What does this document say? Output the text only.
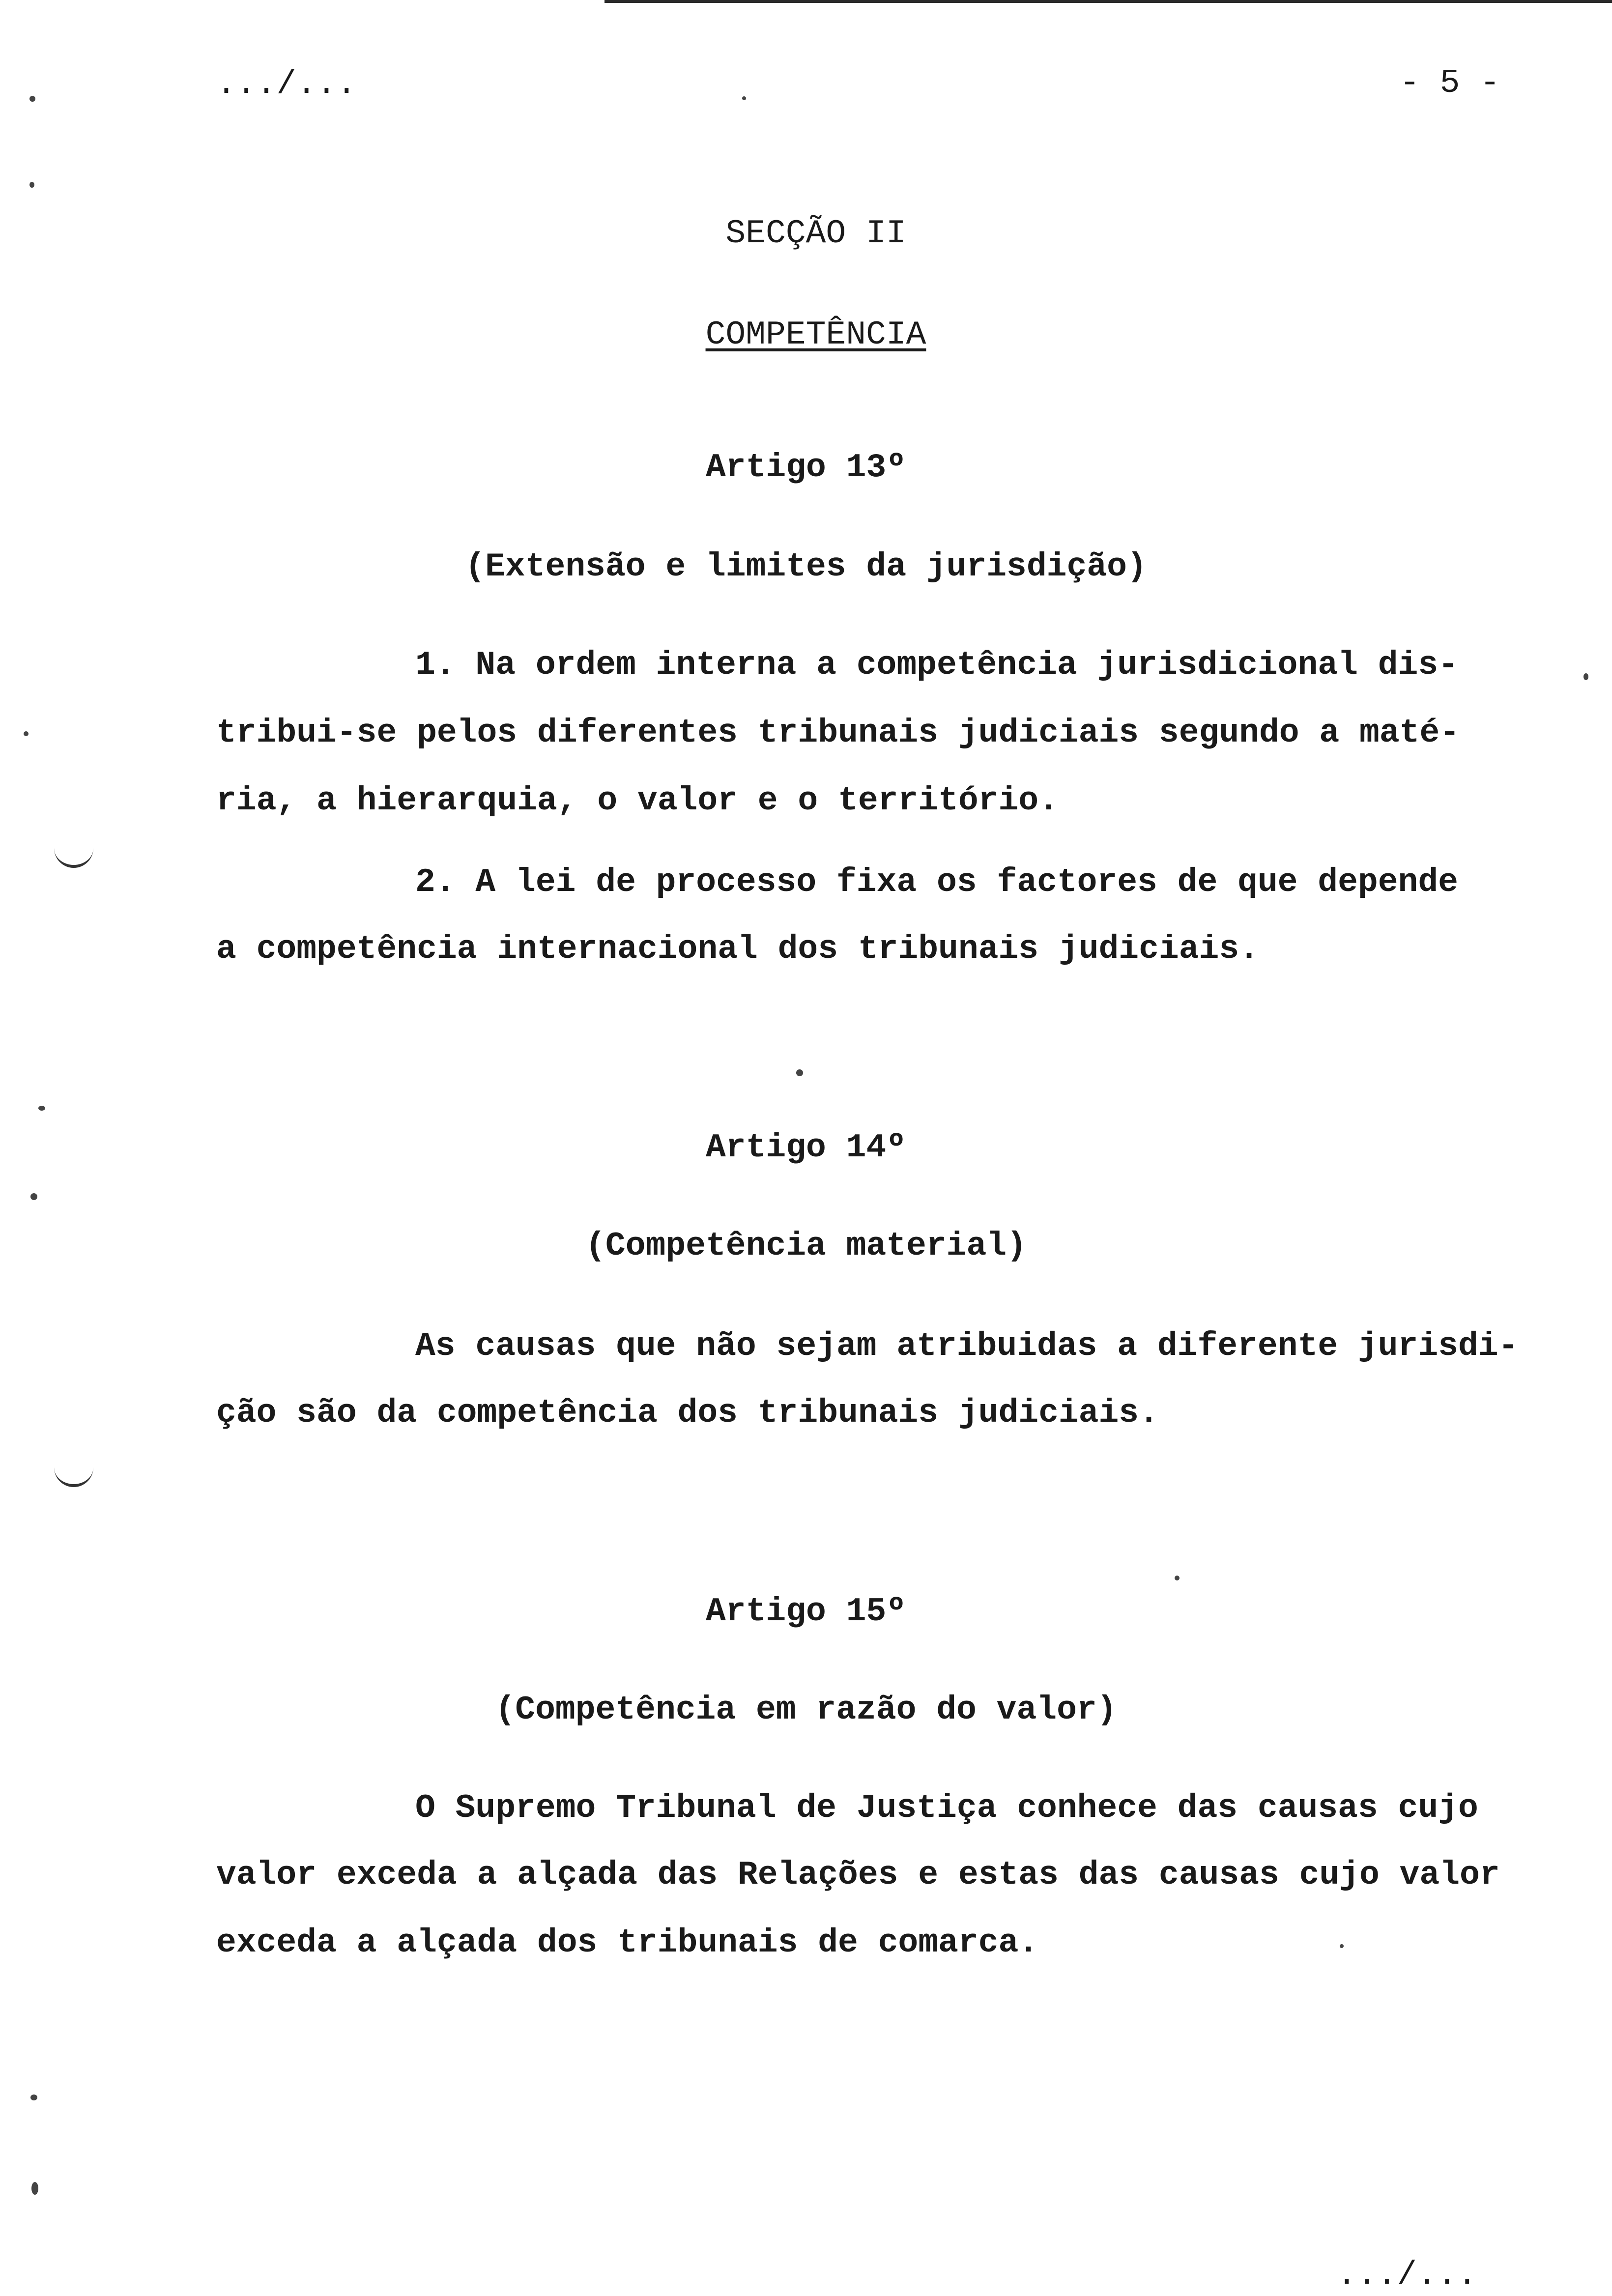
.../...	- 5 -
SECÇÃO II
COMPETÊNCIA
Artigo 13º
(Extensão e limites da jurisdição)
1. Na ordem interna a competência jurisdicional dis-
tribui-se pelos diferentes tribunais judiciais segundo a maté-
ria, a hierarquia, o valor e o território.
2. A lei de processo fixa os factores de que depende
a competência internacional dos tribunais judiciais.
Artigo 14º
(Competência material)
As causas que não sejam atribuidas a diferente jurisdi-
ção são da competência dos tribunais judiciais.
Artigo 15º
(Competência em razão do valor)
O Supremo Tribunal de Justiça conhece das causas cujo
valor exceda a alçada das Relações e estas das causas cujo valor
exceda a alçada dos tribunais de comarca.
.../...
